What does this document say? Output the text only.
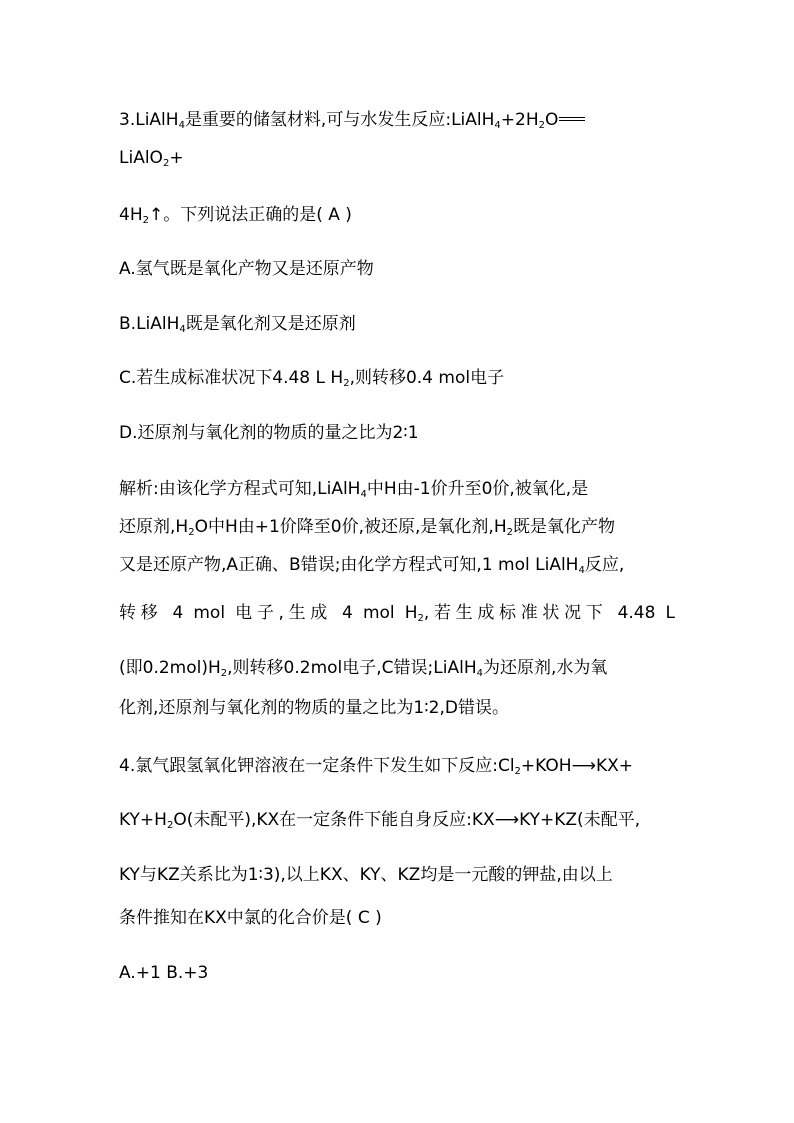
3.LiAlH$_4$是重要的储氢材料,可与水发生反应$:LiAlH_4+2H_2O$
LiAlO$_2$+
$4H_2↑$。下列说法正确的是( A )
A.氢气既是氧化产物又是还原产物
B.LiAlH$_4$既是氧化剂又是还原剂
C.若生成标准状况下4.48 L $H_2$,则转移0.4 mol电子
D.还原剂与氧化剂的物质的量之比为2∶1
解析:由该化学方程式可知,LiAlH$_4$中H由-1价升至0价,被氧化,是
还原剂$,H_2O$中H由+1价降至0价,被还原,是氧化剂$,H_2$既是氧化产物
又是还原产物,A正确、B错误;由化学方程式可知,1 mol LiAlH$_4$反应,
转移 4 mol 电子,生成 4 mol $H_2$,若生成标准状况下 4.48 L
(即$0.2mol)H_2$,则转移0.2mol电子,C错误;LiAlH$_4$为还原剂,水为氧
化剂,还原剂与氧化剂的物质的量之比为1∶2,D错误。
4.氯气跟氢氧化钾溶液在一定条件下发生如下反应$:Cl_2+KOH⟶KX+$
$KY+H_2O$(未配平),KX在一定条件下能自身反应:KX⟶KY+KZ(未配平,
KY与KZ关系比为1∶3),以上KX、KY、KZ均是一元酸的钾盐,由以上
条件推知在KX中氯的化合价是( C )
A.+1 B.+3
